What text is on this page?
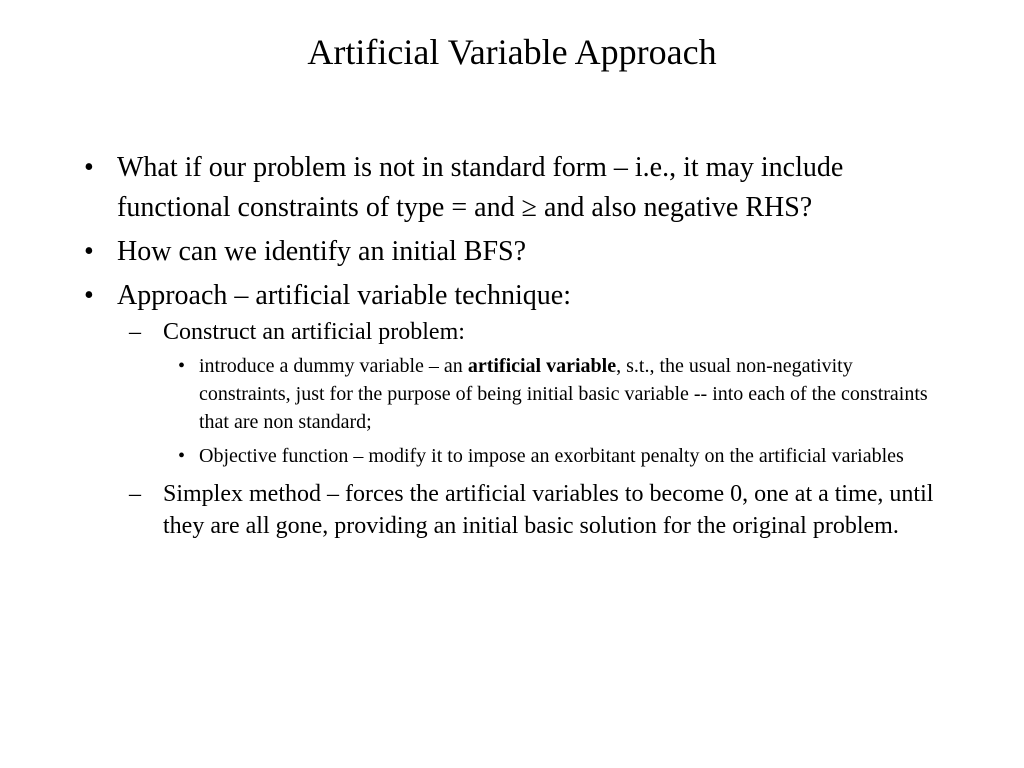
Artificial Variable Approach
• What if our problem is not in standard form – i.e., it may include functional constraints of type = and ≥ and also negative RHS?
• How can we identify an initial BFS?
• Approach – artificial variable technique:
– Construct an artificial problem:
• introduce a dummy variable – an artificial variable, s.t., the usual non-negativity constraints, just for the purpose of being initial basic variable -- into each of the constraints that are non standard;
• Objective function – modify it to impose an exorbitant penalty on the artificial variables
– Simplex method – forces the artificial variables to become 0, one at a time, until they are all gone, providing an initial basic solution for the original problem.
